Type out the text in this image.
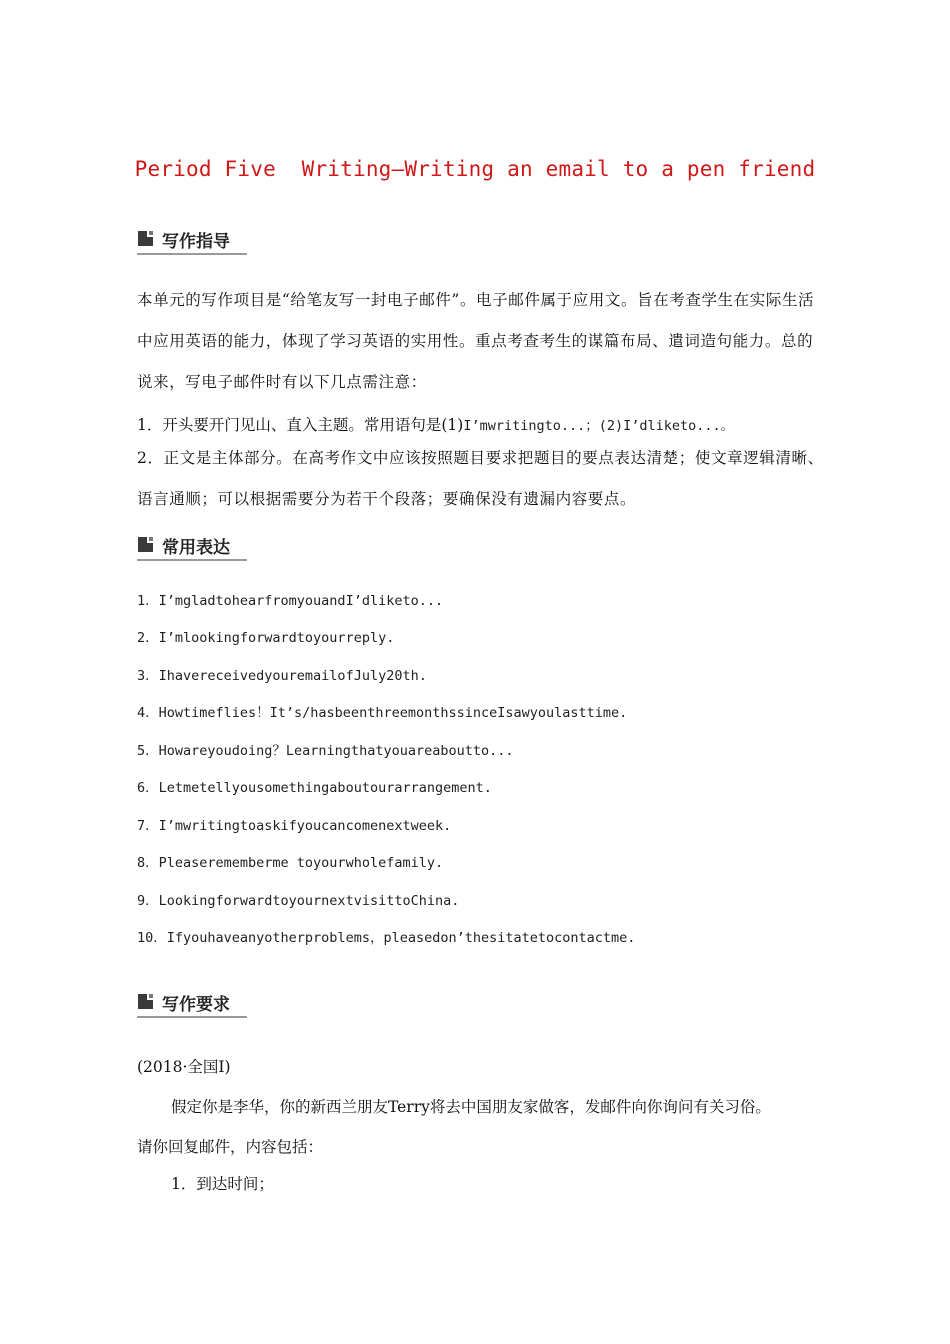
Period Five  Writing—Writing an email to a pen friend
写作指导
本单元的写作项目是“给笔友写一封电子邮件”。电子邮件属于应用文。旨在考查学生在实际生活中应用英语的能力，体现了学习英语的实用性。重点考查考生的谋篇布局、遣词造句能力。总的说来，写电子邮件时有以下几点需注意：
1．开头要开门见山、直入主题。常用语句是(1)I’mwritingto...；(2)I’dliketo...。
2．正文是主体部分。在高考作文中应该按照题目要求把题目的要点表达清楚；使文章逻辑清晰、语言通顺；可以根据需要分为若干个段落；要确保没有遗漏内容要点。
常用表达
1．I’mgladtohearfromyouandI’dliketo...
2．I’mlookingforwardtoyourreply.
3．IhavereceivedyouremailofJuly20th.
4．Howtimeflies！It’s/hasbeenthreemonthssinceIsawyoulasttime.
5．Howareyoudoing？Learningthatyouareaboutto...
6．Letmetellyousomethingaboutourarrangement.
7．I’mwritingtoaskifyoucancomenextweek.
8．Pleaserememberme toyourwholefamily.
9．LookingforwardtoyournextvisittoChina.
10．Ifyouhaveanyotherproblems，pleasedon’thesitatetocontactme.
写作要求
(2018·全国Ⅰ)
假定你是李华，你的新西兰朋友Terry将去中国朋友家做客，发邮件向你询问有关习俗。
请你回复邮件，内容包括：
1．到达时间；
